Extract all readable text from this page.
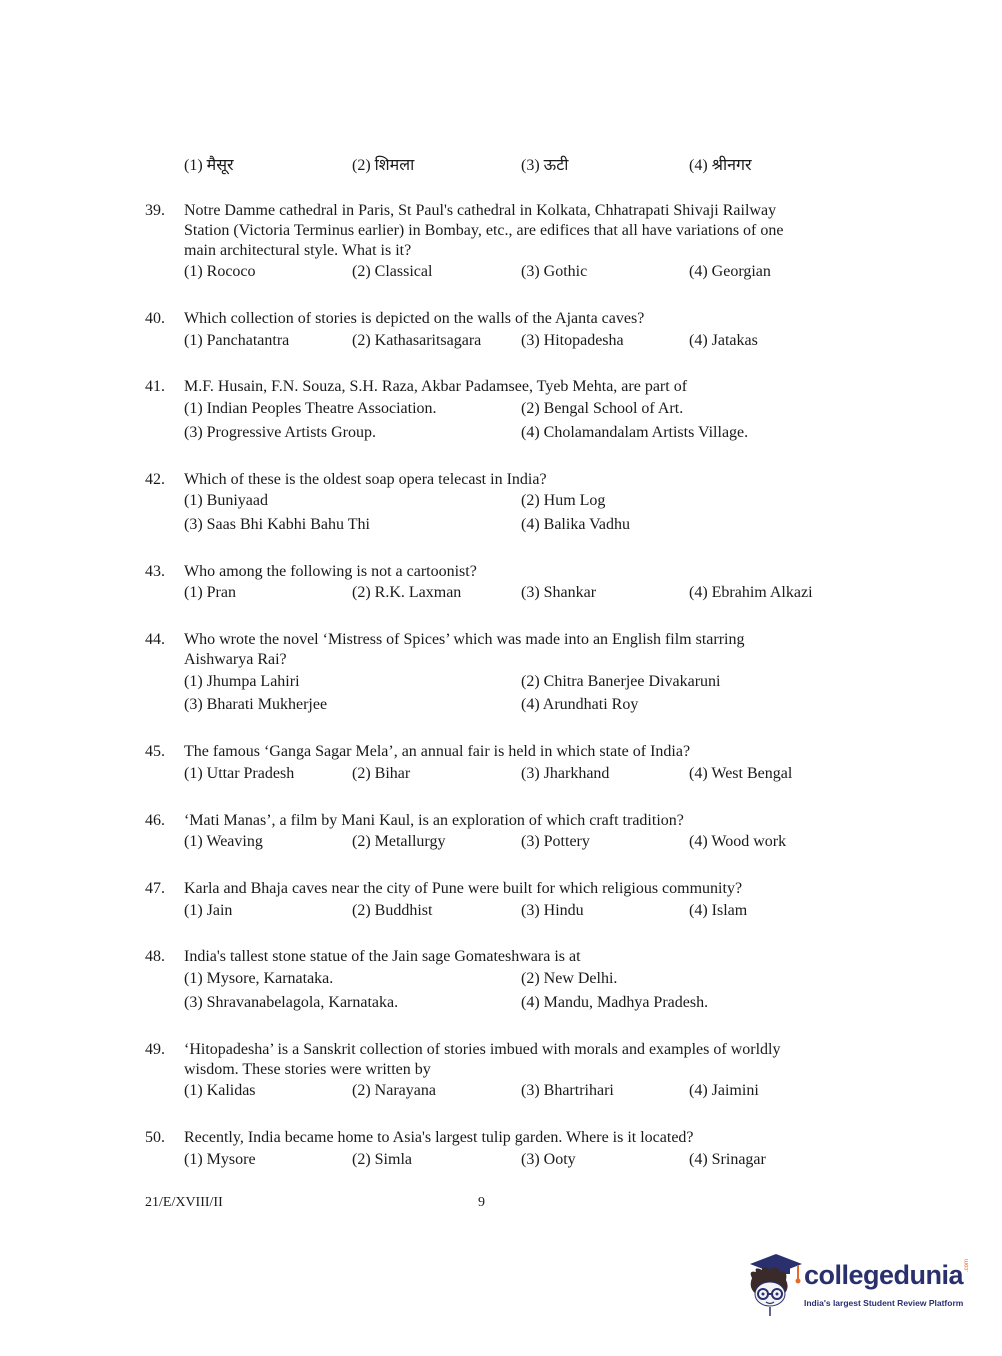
(1) मैसूर	(2) शिमला	(3) ऊटी	(4) श्रीनगर
39. Notre Damme cathedral in Paris, St Paul's cathedral in Kolkata, Chhatrapati Shivaji Railway
Station (Victoria Terminus earlier) in Bombay, etc., are edifices that all have variations of one
main architectural style. What is it?
(1) Rococo	(2) Classical	(3) Gothic	(4) Georgian
40. Which collection of stories is depicted on the walls of the Ajanta caves?
(1) Panchatantra	(2) Kathasaritsagara (3) Hitopadesha	(4) Jatakas
41. M.F. Husain, F.N. Souza, S.H. Raza, Akbar Padamsee, Tyeb Mehta, are part of
(1) Indian Peoples Theatre Association.	(2) Bengal School of Art.
(3) Progressive Artists Group.	(4) Cholamandalam Artists Village.
42. Which of these is the oldest soap opera telecast in India?
(1) Buniyaad	(2) Hum Log
(3) Saas Bhi Kabhi Bahu Thi	(4) Balika Vadhu
43. Who among the following is not a cartoonist?
(1) Pran	(2) R.K. Laxman	(3) Shankar	(4) Ebrahim Alkazi
44. Who wrote the novel ‘Mistress of Spices’ which was made into an English film starring
Aishwarya Rai?
(1) Jhumpa Lahiri	(2) Chitra Banerjee Divakaruni
(3) Bharati Mukherjee	(4) Arundhati Roy
45. The famous ‘Ganga Sagar Mela’, an annual fair is held in which state of India?
(1) Uttar Pradesh	(2) Bihar	(3) Jharkhand	(4) West Bengal
46. ‘Mati Manas’, a film by Mani Kaul, is an exploration of which craft tradition?
(1) Weaving	(2) Metallurgy	(3) Pottery	(4) Wood work
47. Karla and Bhaja caves near the city of Pune were built for which religious community?
(1) Jain	(2) Buddhist	(3) Hindu	(4) Islam
48. India's tallest stone statue of the Jain sage Gomateshwara is at
(1) Mysore, Karnataka.	(2) New Delhi.
(3) Shravanabelagola, Karnataka.	(4) Mandu, Madhya Pradesh.
49. ‘Hitopadesha’ is a Sanskrit collection of stories imbued with morals and examples of worldly
wisdom. These stories were written by
(1) Kalidas	(2) Narayana	(3) Bhartrihari	(4) Jaimini
50. Recently, India became home to Asia's largest tulip garden. Where is it located?
(1) Mysore	(2) Simla	(3) Ooty	(4) Srinagar
21/E/XVIII/II	9
collegedunia .com
India's largest Student Review Platform
